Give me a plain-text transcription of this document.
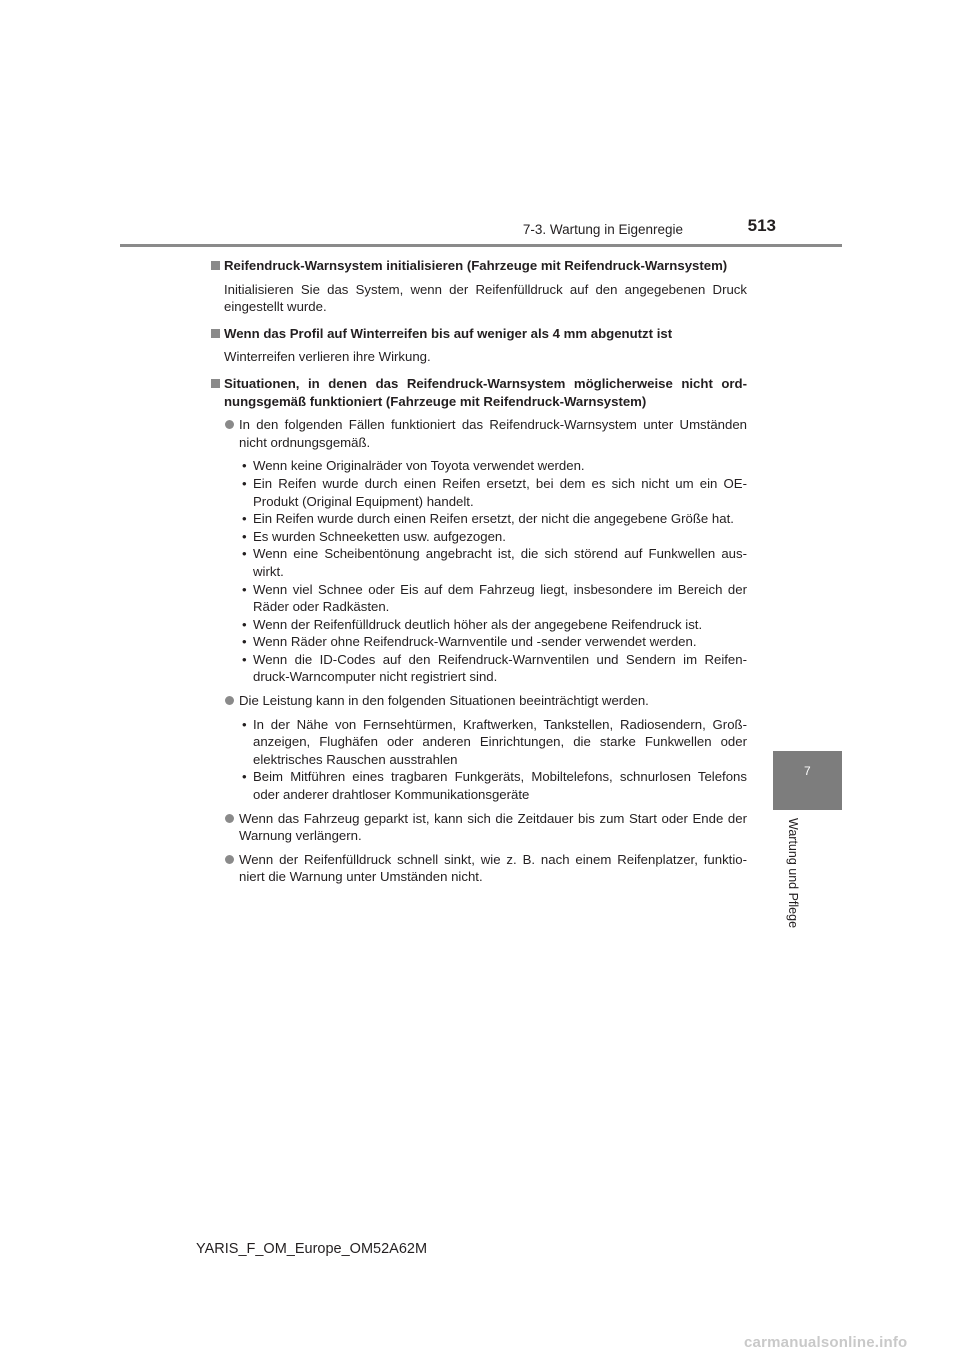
7-3. Wartung in Eigenregie	513
7
Wartung und Pflege
Reifendruck-Warnsystem initialisieren (Fahrzeuge mit Reifendruck-Warnsystem)
Initialisieren Sie das System, wenn der Reifenfülldruck auf den angegebenen Druck eingestellt wurde.
Wenn das Profil auf Winterreifen bis auf weniger als 4 mm abgenutzt ist
Winterreifen verlieren ihre Wirkung.
Situationen, in denen das Reifendruck-Warnsystem möglicherweise nicht ord-nungsgemäß funktioniert (Fahrzeuge mit Reifendruck-Warnsystem)
In den folgenden Fällen funktioniert das Reifendruck-Warnsystem unter Umständen nicht ordnungsgemäß.
• Wenn keine Originalräder von Toyota verwendet werden.
• Ein Reifen wurde durch einen Reifen ersetzt, bei dem es sich nicht um ein OE-Produkt (Original Equipment) handelt.
• Ein Reifen wurde durch einen Reifen ersetzt, der nicht die angegebene Größe hat.
• Es wurden Schneeketten usw. aufgezogen.
• Wenn eine Scheibentönung angebracht ist, die sich störend auf Funkwellen aus-wirkt.
• Wenn viel Schnee oder Eis auf dem Fahrzeug liegt, insbesondere im Bereich der Räder oder Radkästen.
• Wenn der Reifenfülldruck deutlich höher als der angegebene Reifendruck ist.
• Wenn Räder ohne Reifendruck-Warnventile und -sender verwendet werden.
• Wenn die ID-Codes auf den Reifendruck-Warnventilen und Sendern im Reifen-druck-Warncomputer nicht registriert sind.
Die Leistung kann in den folgenden Situationen beeinträchtigt werden.
• In der Nähe von Fernsehtürmen, Kraftwerken, Tankstellen, Radiosendern, Groß-anzeigen, Flughäfen oder anderen Einrichtungen, die starke Funkwellen oder elektrisches Rauschen ausstrahlen
• Beim Mitführen eines tragbaren Funkgeräts, Mobiltelefons, schnurlosen Telefons oder anderer drahtloser Kommunikationsgeräte
Wenn das Fahrzeug geparkt ist, kann sich die Zeitdauer bis zum Start oder Ende der Warnung verlängern.
Wenn der Reifenfülldruck schnell sinkt, wie z. B. nach einem Reifenplatzer, funktio-niert die Warnung unter Umständen nicht.
YARIS_F_OM_Europe_OM52A62M
carmanualsonline.info
